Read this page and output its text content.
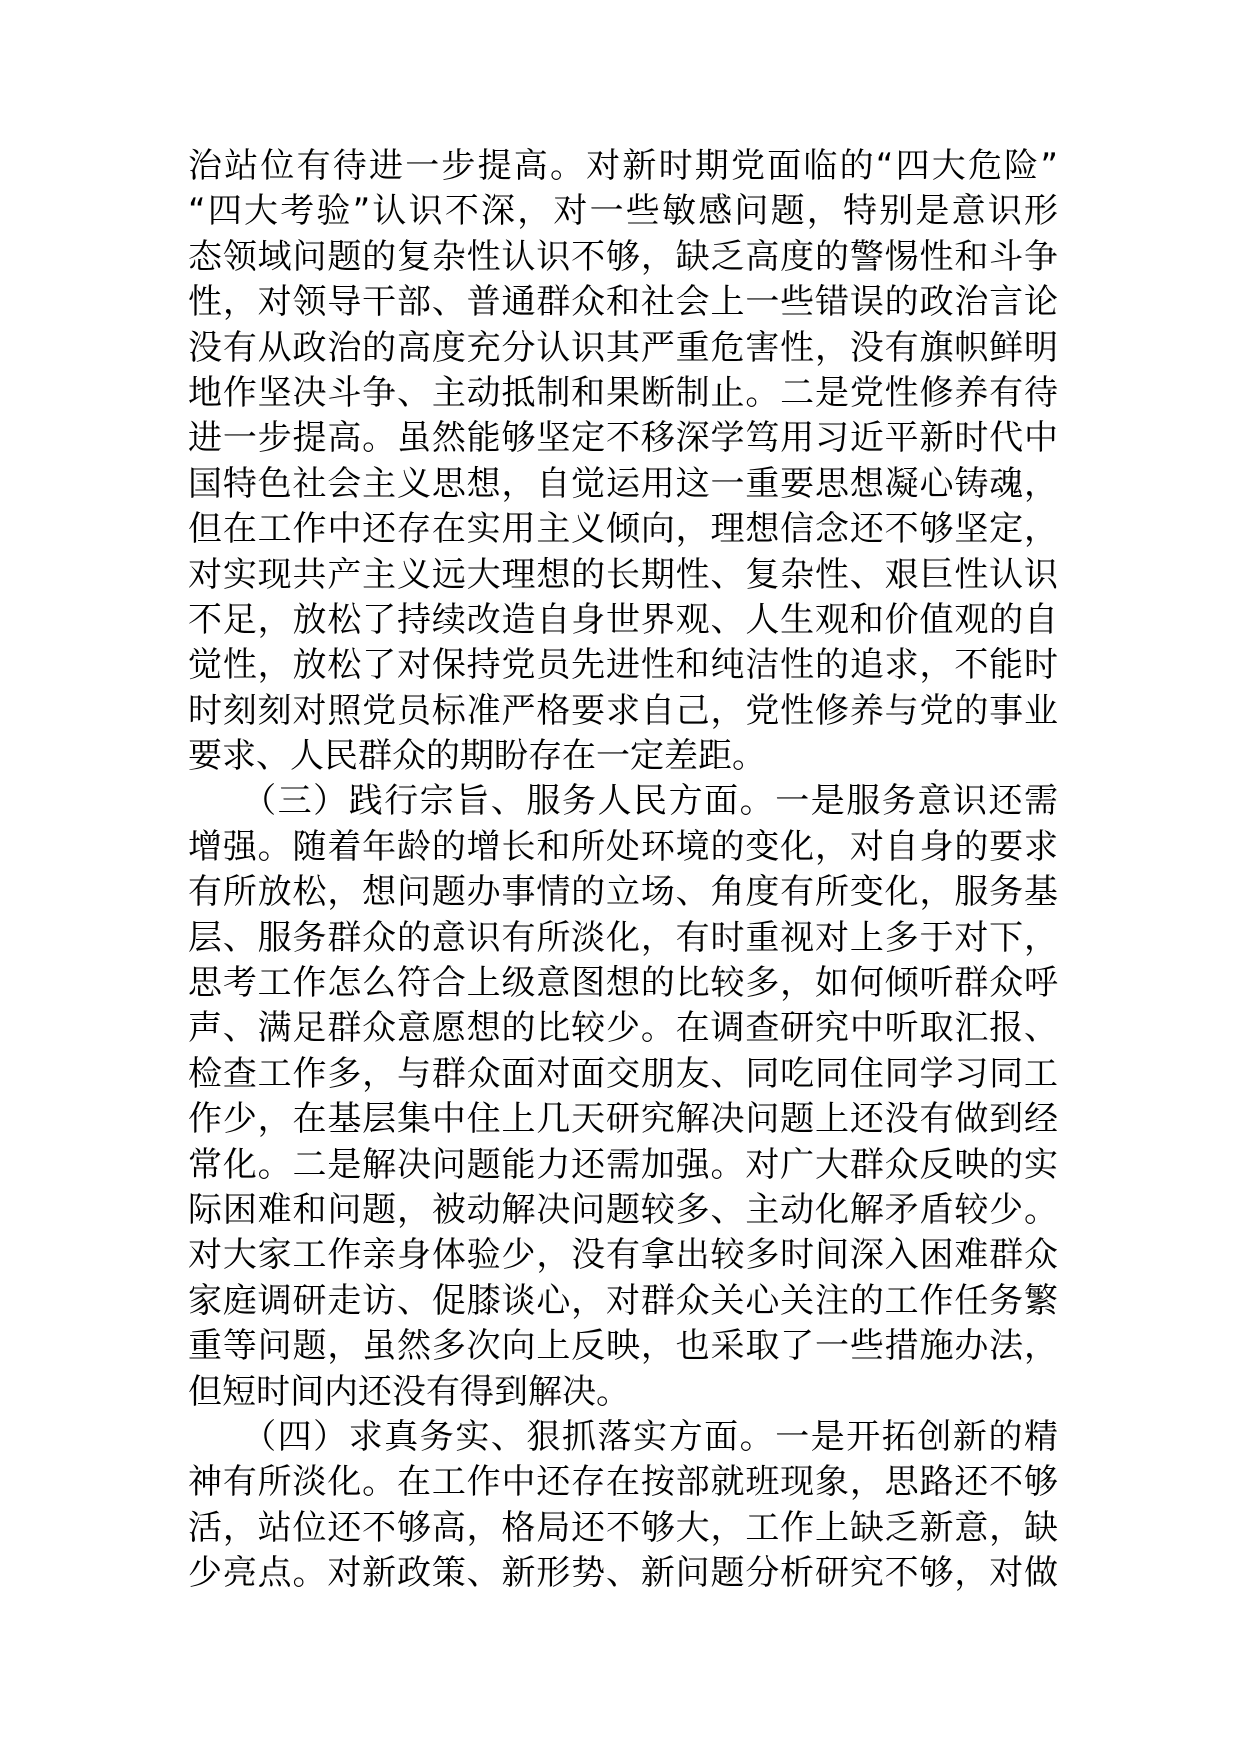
治站位有待进一步提高。对新时期党面临的“四大危险”
“四大考验”认识不深，对一些敏感问题，特别是意识形
态领域问题的复杂性认识不够，缺乏高度的警惕性和斗争
性，对领导干部、普通群众和社会上一些错误的政治言论
没有从政治的高度充分认识其严重危害性，没有旗帜鲜明
地作坚决斗争、主动抵制和果断制止。二是党性修养有待
进一步提高。虽然能够坚定不移深学笃用习近平新时代中
国特色社会主义思想，自觉运用这一重要思想凝心铸魂，
但在工作中还存在实用主义倾向，理想信念还不够坚定，
对实现共产主义远大理想的长期性、复杂性、艰巨性认识
不足，放松了持续改造自身世界观、人生观和价值观的自
觉性，放松了对保持党员先进性和纯洁性的追求，不能时
时刻刻对照党员标准严格要求自己，党性修养与党的事业
要求、人民群众的期盼存在一定差距。
　　（三）践行宗旨、服务人民方面。一是服务意识还需
增强。随着年龄的增长和所处环境的变化，对自身的要求
有所放松，想问题办事情的立场、角度有所变化，服务基
层、服务群众的意识有所淡化，有时重视对上多于对下，
思考工作怎么符合上级意图想的比较多，如何倾听群众呼
声、满足群众意愿想的比较少。在调查研究中听取汇报、
检查工作多，与群众面对面交朋友、同吃同住同学习同工
作少，在基层集中住上几天研究解决问题上还没有做到经
常化。二是解决问题能力还需加强。对广大群众反映的实
际困难和问题，被动解决问题较多、主动化解矛盾较少。
对大家工作亲身体验少，没有拿出较多时间深入困难群众
家庭调研走访、促膝谈心，对群众关心关注的工作任务繁
重等问题，虽然多次向上反映，也采取了一些措施办法，
但短时间内还没有得到解决。
　　（四）求真务实、狠抓落实方面。一是开拓创新的精
神有所淡化。在工作中还存在按部就班现象，思路还不够
活，站位还不够高，格局还不够大，工作上缺乏新意，缺
少亮点。对新政策、新形势、新问题分析研究不够，对做
